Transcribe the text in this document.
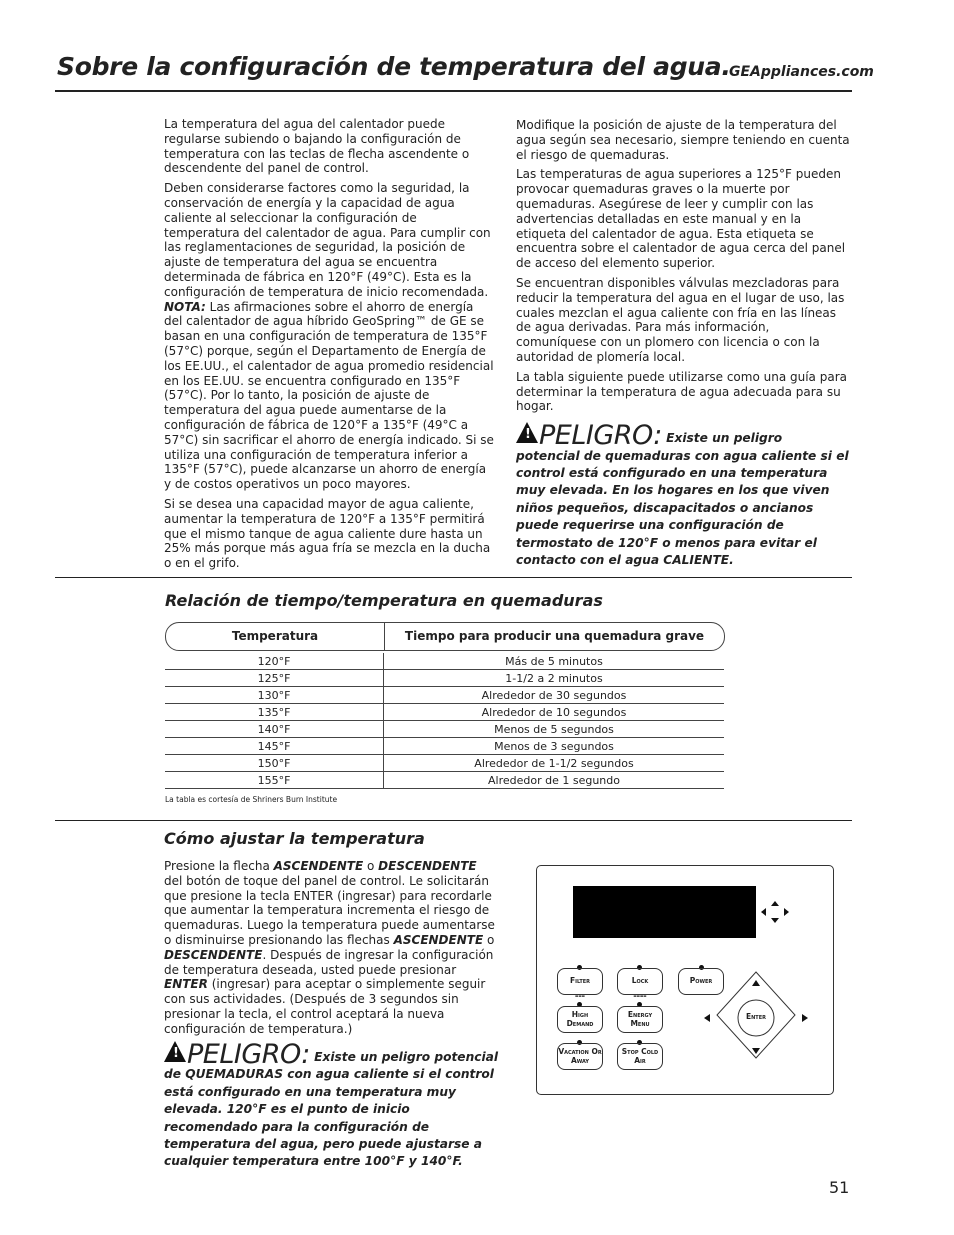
Sobre la configuración de temperatura del agua.
GEAppliances.com

La temperatura del agua del calentador puede regularse subiendo o bajando la configuración de temperatura con las teclas de flecha ascendente o descendente del panel de control.

Deben considerarse factores como la seguridad, la conservación de energía y la capacidad de agua caliente al seleccionar la configuración de temperatura del calentador de agua. Para cumplir con las reglamentaciones de seguridad, la posición de ajuste de temperatura del agua se encuentra determinada de fábrica en 120°F (49°C). Esta es la configuración de temperatura de inicio recomendada. NOTA: Las afirmaciones sobre el ahorro de energía del calentador de agua híbrido GeoSpring™ de GE se basan en una configuración de temperatura de 135°F (57°C) porque, según el Departamento de Energía de los EE.UU., el calentador de agua promedio residencial en los EE.UU. se encuentra configurado en 135°F (57°C). Por lo tanto, la posición de ajuste de temperatura del agua puede aumentarse de la configuración de fábrica de 120°F a 135°F (49°C a 57°C) sin sacrificar el ahorro de energía indicado. Si se utiliza una configuración de temperatura inferior a 135°F (57°C), puede alcanzarse un ahorro de energía y de costos operativos un poco mayores.

Si se desea una capacidad mayor de agua caliente, aumentar la temperatura de 120°F a 135°F permitirá que el mismo tanque de agua caliente dure hasta un 25% más porque más agua fría se mezcla en la ducha o en el grifo.

Modifique la posición de ajuste de la temperatura del agua según sea necesario, siempre teniendo en cuenta el riesgo de quemaduras.

Las temperaturas de agua superiores a 125°F pueden provocar quemaduras graves o la muerte por quemaduras. Asegúrese de leer y cumplir con las advertencias detalladas en este manual y en la etiqueta del calentador de agua. Esta etiqueta se encuentra sobre el calentador de agua cerca del panel de acceso del elemento superior.

Se encuentran disponibles válvulas mezcladoras para reducir la temperatura del agua en el lugar de uso, las cuales mezclan el agua caliente con fría en las líneas de agua derivadas. Para más información, comuníquese con un plomero con licencia o con la autoridad de plomería local.

La tabla siguiente puede utilizarse como una guía para determinar la temperatura de agua adecuada para su hogar.

! PELIGRO: Existe un peligro potencial de quemaduras con agua caliente si el control está configurado en una temperatura muy elevada. En los hogares en los que viven niños pequeños, discapacitados o ancianos puede requerirse una configuración de termostato de 120°F o menos para evitar el contacto con el agua CALIENTE.
Relación de tiempo/temperatura en quemaduras
Temperatura	Tiempo para producir una quemadura grave
120°F	Más de 5 minutos
125°F	1-1/2 a 2 minutos
130°F	Alrededor de 30 segundos
135°F	Alrededor de 10 segundos
140°F	Menos de 5 segundos
145°F	Menos de 3 segundos
150°F	Alrededor de 1-1/2 segundos
155°F	Alrededor de 1 segundo
La tabla es cortesía de Shriners Burn Institute
Cómo ajustar la temperatura
Presione la flecha ASCENDENTE o DESCENDENTE del botón de toque del panel de control. Le solicitarán que presione la tecla ENTER (ingresar) para recordarle que aumentar la temperatura incrementa el riesgo de quemaduras. Luego la temperatura puede aumentarse o disminuirse presionando las flechas ASCENDENTE o DESCENDENTE. Después de ingresar la configuración de temperatura deseada, usted puede presionar ENTER (ingresar) para aceptar o simplemente seguir con sus actividades. (Después de 3 segundos sin presionar la tecla, el control aceptará la nueva configuración de temperatura.)
! PELIGRO: Existe un peligro potencial de QUEMADURAS con agua caliente si el control está configurado en una temperatura muy elevada. 120°F es el punto de inicio recomendado para la configuración de temperatura del agua, pero puede ajustarse a cualquier temperatura entre 100°F y 140°F.
Filter
▬▬▬
Lock
▬▬▬▬
Power
High Demand
Energy Menu
Vacation Or Away
Stop Cold Air
Enter
51
